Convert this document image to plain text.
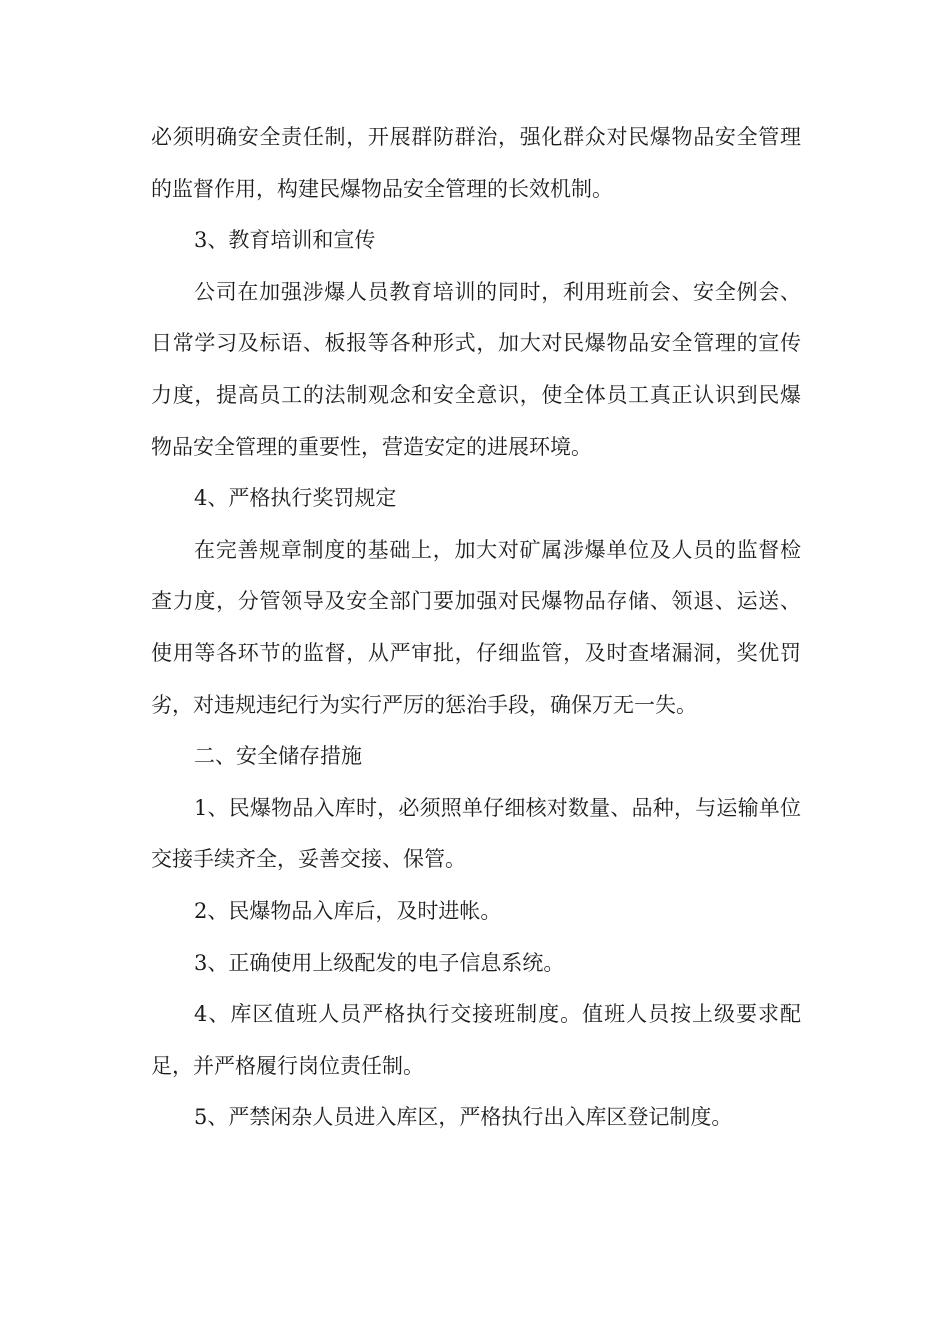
必须明确安全责任制，开展群防群治，强化群众对民爆物品安全管理的监督作用，构建民爆物品安全管理的长效机制。

3、教育培训和宣传

公司在加强涉爆人员教育培训的同时，利用班前会、安全例会、日常学习及标语、板报等各种形式，加大对民爆物品安全管理的宣传力度，提高员工的法制观念和安全意识，使全体员工真正认识到民爆物品安全管理的重要性，营造安定的进展环境。

4、严格执行奖罚规定

在完善规章制度的基础上，加大对矿属涉爆单位及人员的监督检查力度，分管领导及安全部门要加强对民爆物品存储、领退、运送、使用等各环节的监督，从严审批，仔细监管，及时查堵漏洞，奖优罚劣，对违规违纪行为实行严厉的惩治手段，确保万无一失。

二、安全储存措施

1、民爆物品入库时，必须照单仔细核对数量、品种，与运输单位交接手续齐全，妥善交接、保管。

2、民爆物品入库后，及时进帐。

3、正确使用上级配发的电子信息系统。

4、库区值班人员严格执行交接班制度。值班人员按上级要求配足，并严格履行岗位责任制。

5、严禁闲杂人员进入库区，严格执行出入库区登记制度。
